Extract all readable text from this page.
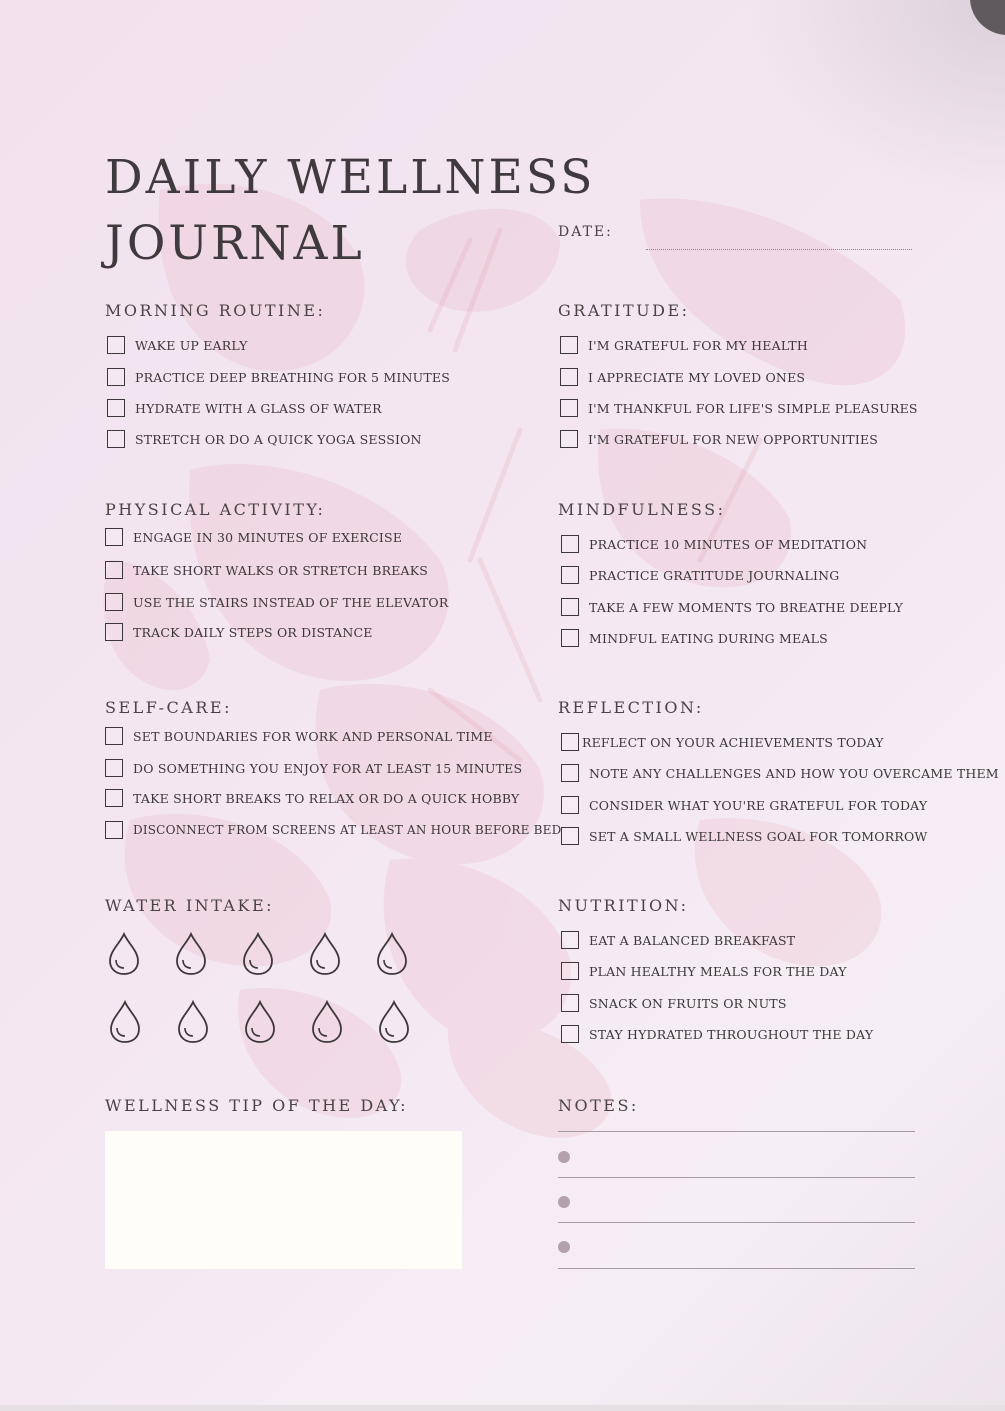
DAILY WELLNESS
JOURNAL	DATE:
MORNING ROUTINE:
WAKE UP EARLY
PRACTICE DEEP BREATHING FOR 5 MINUTES
HYDRATE WITH A GLASS OF WATER
STRETCH OR DO A QUICK YOGA SESSION
GRATITUDE:
I'M GRATEFUL FOR MY HEALTH
I APPRECIATE MY LOVED ONES
I'M THANKFUL FOR LIFE'S SIMPLE PLEASURES
I'M GRATEFUL FOR NEW OPPORTUNITIES
PHYSICAL ACTIVITY:
ENGAGE IN 30 MINUTES OF EXERCISE
TAKE SHORT WALKS OR STRETCH BREAKS
USE THE STAIRS INSTEAD OF THE ELEVATOR
TRACK DAILY STEPS OR DISTANCE
MINDFULNESS:
PRACTICE 10 MINUTES OF MEDITATION
PRACTICE GRATITUDE JOURNALING
TAKE A FEW MOMENTS TO BREATHE DEEPLY
MINDFUL EATING DURING MEALS
SELF-CARE:
SET BOUNDARIES FOR WORK AND PERSONAL TIME
DO SOMETHING YOU ENJOY FOR AT LEAST 15 MINUTES
TAKE SHORT BREAKS TO RELAX OR DO A QUICK HOBBY
DISCONNECT FROM SCREENS AT LEAST AN HOUR BEFORE BED
REFLECTION:
REFLECT ON YOUR ACHIEVEMENTS TODAY
NOTE ANY CHALLENGES AND HOW YOU OVERCAME THEM
CONSIDER WHAT YOU'RE GRATEFUL FOR TODAY
SET A SMALL WELLNESS GOAL FOR TOMORROW
WATER INTAKE:	NUTRITION:
EAT A BALANCED BREAKFAST
PLAN HEALTHY MEALS FOR THE DAY
SNACK ON FRUITS OR NUTS
STAY HYDRATED THROUGHOUT THE DAY
WELLNESS TIP OF THE DAY:	NOTES:
